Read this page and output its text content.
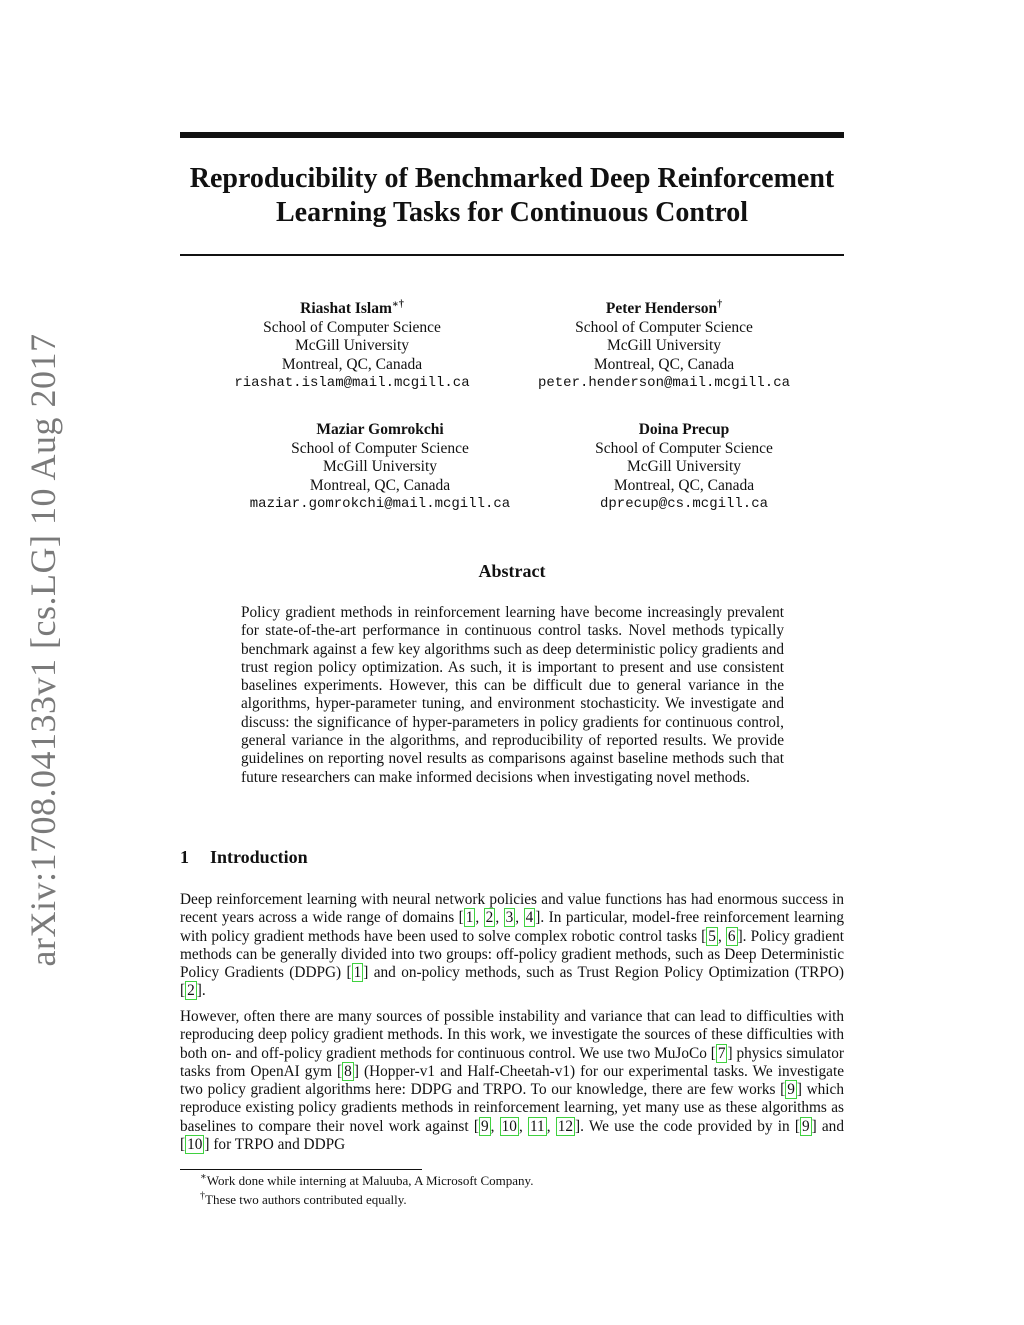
arXiv:1708.04133v1 [cs.LG] 10 Aug 2017
Reproducibility of Benchmarked Deep Reinforcement Learning Tasks for Continuous Control
Riashat Islam∗†
School of Computer Science
McGill University
Montreal, QC, Canada
riashat.islam@mail.mcgill.ca
Peter Henderson†
School of Computer Science
McGill University
Montreal, QC, Canada
peter.henderson@mail.mcgill.ca
Maziar Gomrokchi
School of Computer Science
McGill University
Montreal, QC, Canada
maziar.gomrokchi@mail.mcgill.ca
Doina Precup
School of Computer Science
McGill University
Montreal, QC, Canada
dprecup@cs.mcgill.ca
Abstract

Policy gradient methods in reinforcement learning have become increasingly prevalent for state-of-the-art performance in continuous control tasks. Novel methods typically benchmark against a few key algorithms such as deep deterministic policy gradients and trust region policy optimization. As such, it is important to present and use consistent baselines experiments. However, this can be difficult due to general variance in the algorithms, hyper-parameter tuning, and environment stochasticity. We investigate and discuss: the significance of hyper-parameters in policy gradients for continuous control, general variance in the algorithms, and reproducibility of reported results. We provide guidelines on reporting novel results as comparisons against baseline methods such that future researchers can make informed decisions when investigating novel methods.

1 Introduction

Deep reinforcement learning with neural network policies and value functions has had enormous success in recent years across a wide range of domains [ 1 , 2 , 3 , 4 ]. In particular, model-free reinforcement learning with policy gradient methods have been used to solve complex robotic control tasks [ 5 , 6 ]. Policy gradient methods can be generally divided into two groups: off-policy gradient methods, such as Deep Deterministic Policy Gradients (DDPG) [ 1 ] and on-policy methods, such as Trust Region Policy Optimization (TRPO) [ 2 ].

However, often there are many sources of possible instability and variance that can lead to difficulties with reproducing deep policy gradient methods. In this work, we investigate the sources of these difficulties with both on- and off-policy gradient methods for continuous control. We use two MuJoCo [ 7 ] physics simulator tasks from OpenAI gym [ 8 ] (Hopper-v1 and Half-Cheetah-v1) for our experimental tasks. We investigate two policy gradient algorithms here: DDPG and TRPO. To our knowledge, there are few works [ 9 ] which reproduce existing policy gradients methods in reinforcement learning, yet many use as these algorithms as baselines to compare their novel work against [ 9 , 10 , 11 , 12 ]. We use the code provided by in [ 9 ] and [ 10 ] for TRPO and DDPG

∗Work done while interning at Maluuba, A Microsoft Company.
†These two authors contributed equally.
